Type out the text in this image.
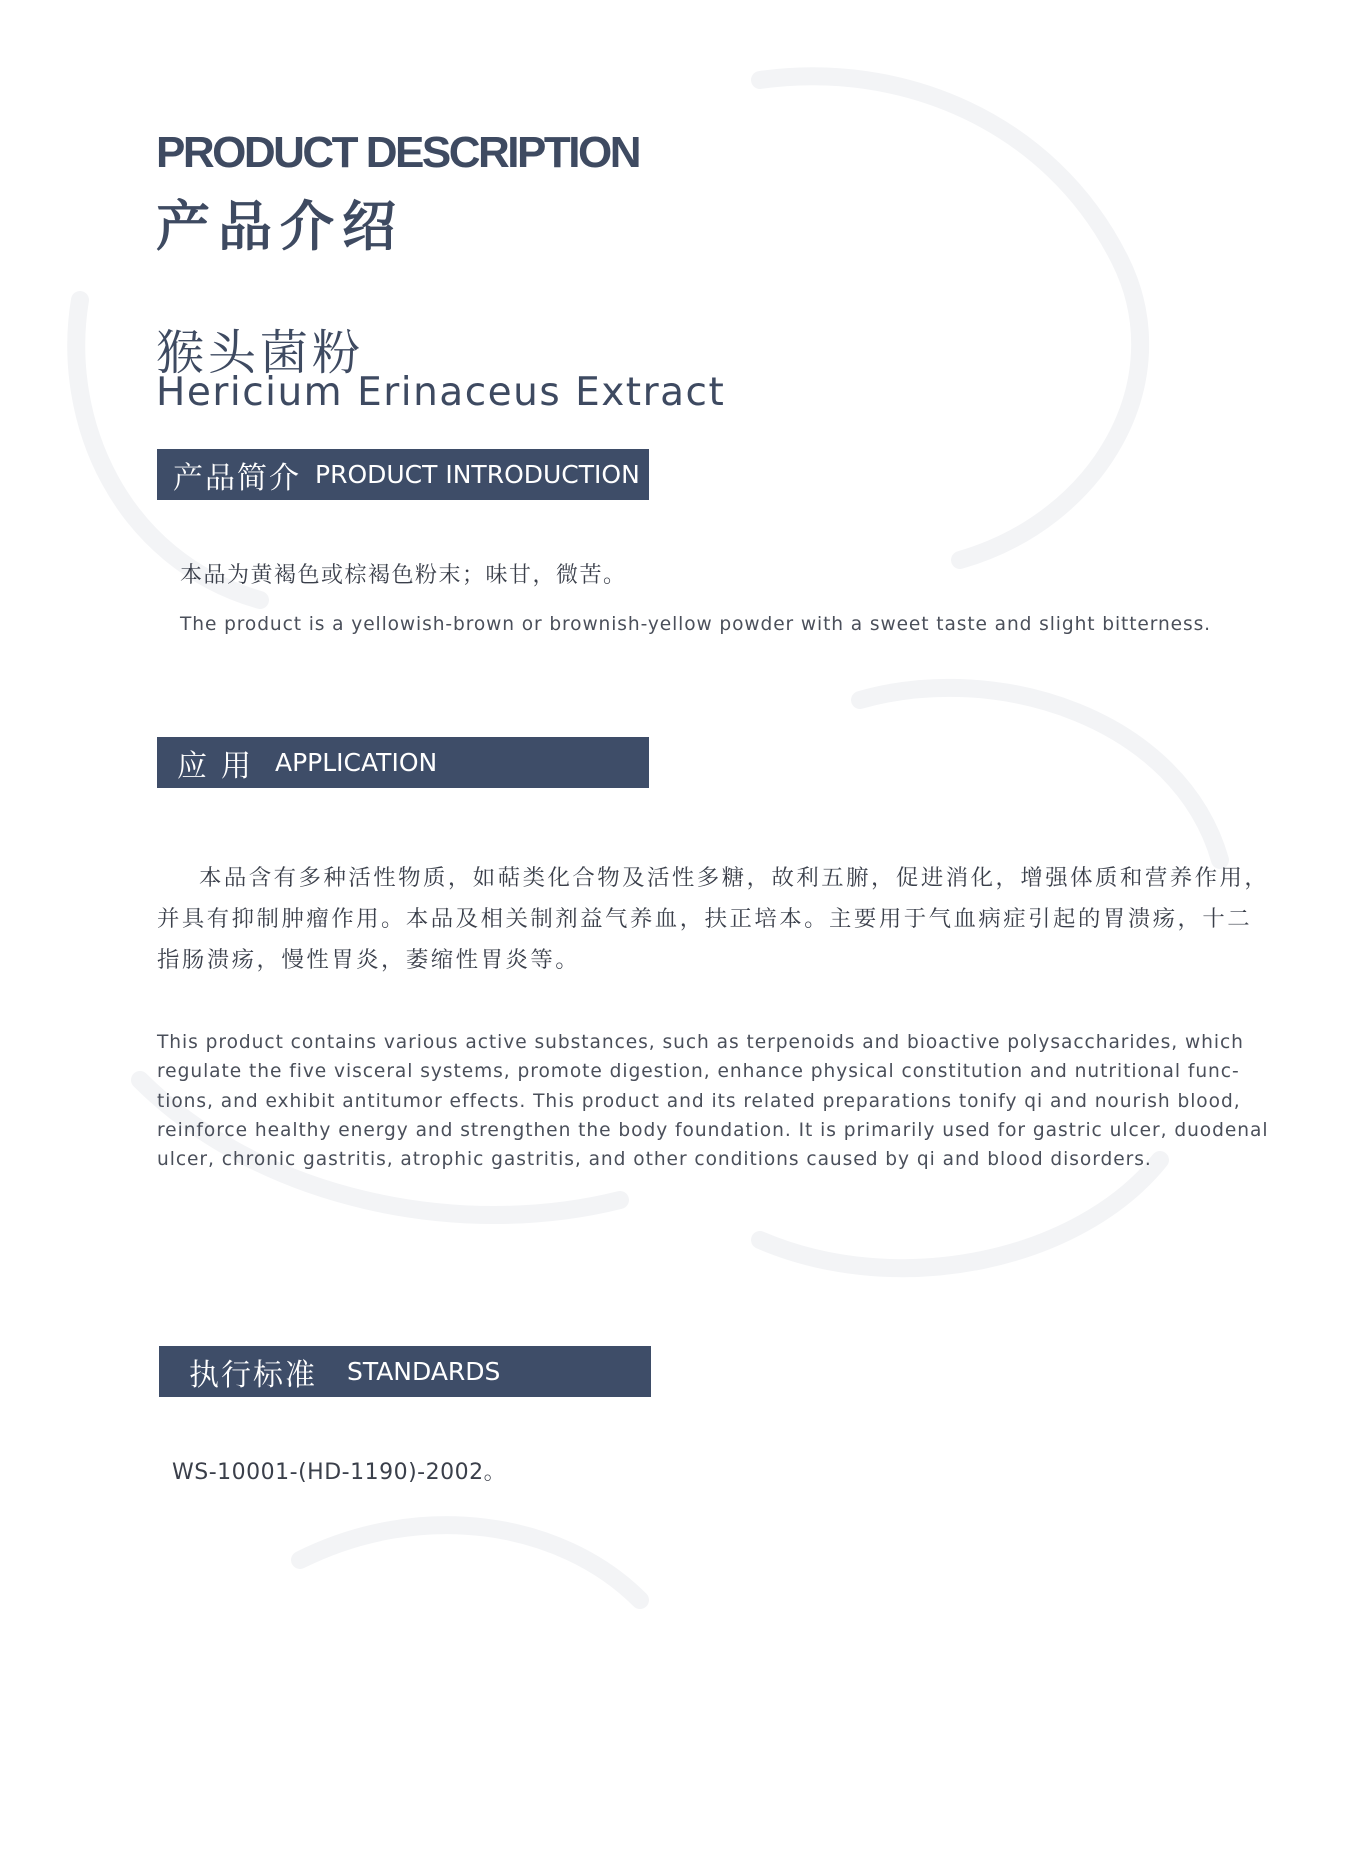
PRODUCT DESCRIPTION
产品介绍
猴头菌粉
Hericium Erinaceus Extract
产品简介 PRODUCT INTRODUCTION
本品为黄褐色或棕褐色粉末；味甘，微苦。
The product is a yellowish-brown or brownish-yellow powder with a sweet taste and slight bitterness.
应用 APPLICATION
本品含有多种活性物质，如萜类化合物及活性多糖，故利五腑，促进消化，增强体质和营养作用，
并具有抑制肿瘤作用。本品及相关制剂益气养血，扶正培本。主要用于气血病症引起的胃溃疡，十二
指肠溃疡，慢性胃炎，萎缩性胃炎等。
This product contains various active substances, such as terpenoids and bioactive polysaccharides, which
regulate the five visceral systems, promote digestion, enhance physical constitution and nutritional func-
tions, and exhibit antitumor effects. This product and its related preparations tonify qi and nourish blood,
reinforce healthy energy and strengthen the body foundation. It is primarily used for gastric ulcer, duodenal
ulcer, chronic gastritis, atrophic gastritis, and other conditions caused by qi and blood disorders.
执行标准 STANDARDS
WS-10001-(HD-1190)-2002。
